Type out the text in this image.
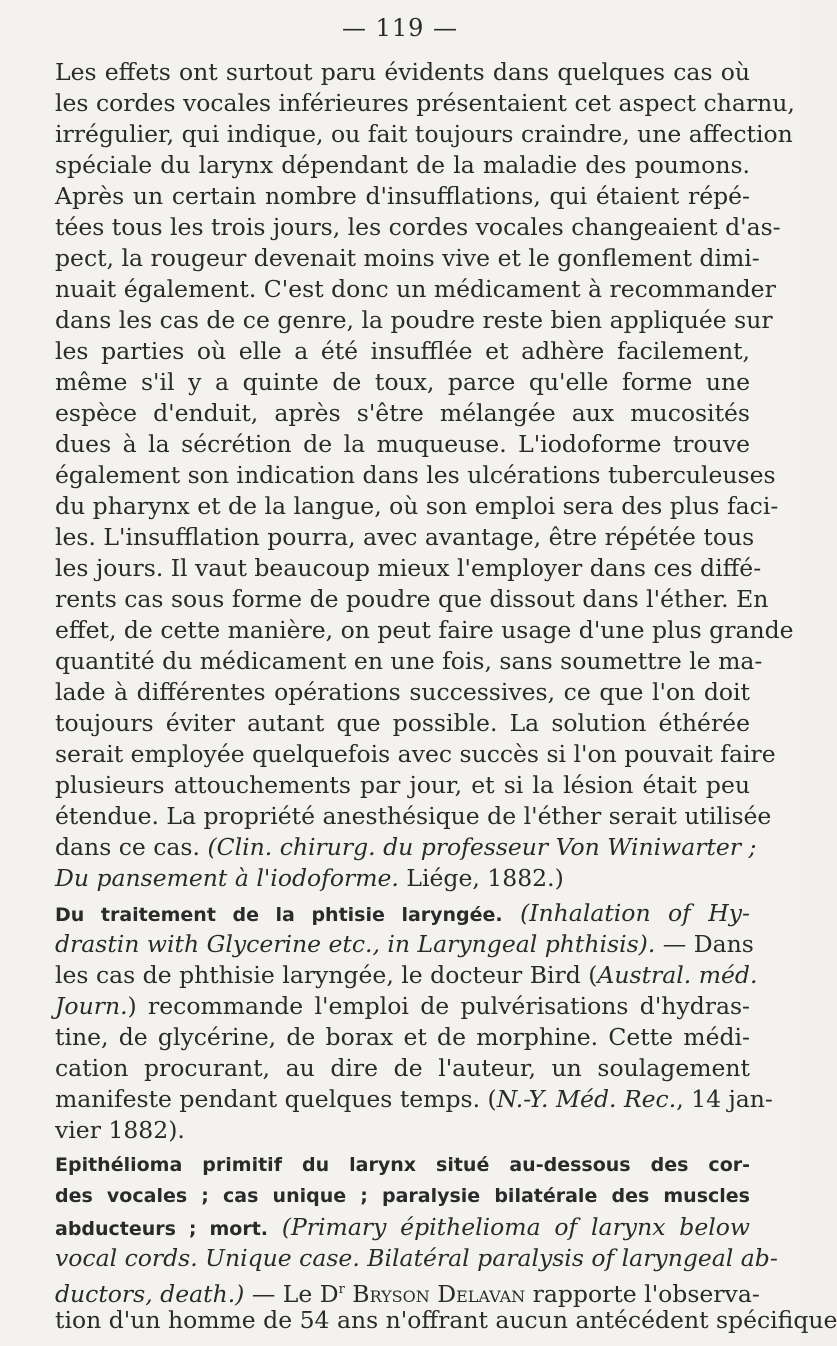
— 119 —
Les effets ont surtout paru évidents dans quelques cas où
les cordes vocales inférieures présentaient cet aspect charnu,
irrégulier, qui indique, ou fait toujours craindre, une affection
spéciale du larynx dépendant de la maladie des poumons.
Après un certain nombre d'insufflations, qui étaient répé-
tées tous les trois jours, les cordes vocales changeaient d'as-
pect, la rougeur devenait moins vive et le gonflement dimi-
nuait également. C'est donc un médicament à recommander
dans les cas de ce genre, la poudre reste bien appliquée sur
les parties où elle a été insufflée et adhère facilement,
même s'il y a quinte de toux, parce qu'elle forme une
espèce d'enduit, après s'être mélangée aux mucosités
dues à la sécrétion de la muqueuse. L'iodoforme trouve
également son indication dans les ulcérations tuberculeuses
du pharynx et de la langue, où son emploi sera des plus faci-
les. L'insufflation pourra, avec avantage, être répétée tous
les jours. Il vaut beaucoup mieux l'employer dans ces diffé-
rents cas sous forme de poudre que dissout dans l'éther. En
effet, de cette manière, on peut faire usage d'une plus grande
quantité du médicament en une fois, sans soumettre le ma-
lade à différentes opérations successives, ce que l'on doit
toujours éviter autant que possible. La solution éthérée
serait employée quelquefois avec succès si l'on pouvait faire
plusieurs attouchements par jour, et si la lésion était peu
étendue. La propriété anesthésique de l'éther serait utilisée
dans ce cas. (Clin. chirurg. du professeur Von Winiwarter ;
Du pansement à l'iodoforme. Liége, 1882.)
Du traitement de la phtisie laryngée. (Inhalation of Hy-
drastin with Glycerine etc., in Laryngeal phthisis). — Dans
les cas de phthisie laryngée, le docteur Bird (Austral. méd.
Journ.) recommande l'emploi de pulvérisations d'hydras-
tine, de glycérine, de borax et de morphine. Cette médi-
cation procurant, au dire de l'auteur, un soulagement
manifeste pendant quelques temps. (N.-Y. Méd. Rec., 14 jan-
vier 1882).
Epithélioma primitif du larynx situé au-dessous des cor-
des vocales ; cas unique ; paralysie bilatérale des muscles
abducteurs ; mort. (Primary épithelioma of larynx below
vocal cords. Unique case. Bilatéral paralysis of laryngeal ab-
ductors, death.) — Le $D^r$ Bryson Delavan rapporte l'observa-
tion d'un homme de 54 ans n'offrant aucun antécédent spécifique
